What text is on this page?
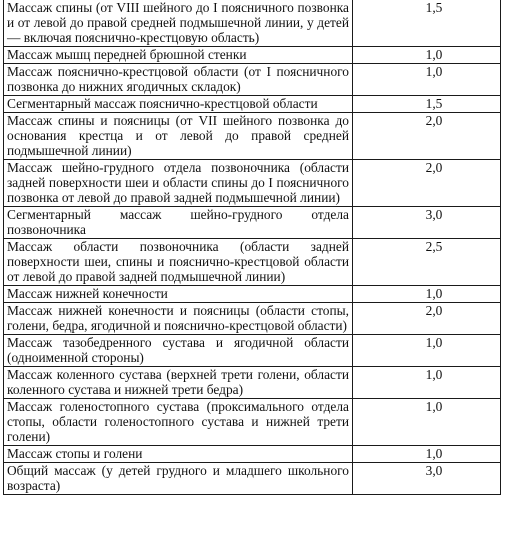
Массаж спины (от VIII шейного до I поясничного позвонка и от левой до правой средней подмышечной линии, у детей — включая пояснично-крестцовую область)	1,5
Массаж мышц передней брюшной стенки	1,0
Массаж пояснично-крестцовой области (от I поясничного позвонка до нижних ягодичных складок)	1,0
Сегментарный массаж пояснично-крестцовой области	1,5
Массаж спины и поясницы (от VII шейного позвонка до основания крестца и от левой до правой средней подмышечной линии)	2,0
Массаж шейно-грудного отдела позвоночника (области задней поверхности шеи и области спины до I поясничного позвонка от левой до правой задней подмышечной линии)	2,0
Сегментарный массаж шейно-грудного отдела позвоночника	3,0
Массаж области позвоночника (области задней поверхности шеи, спины и пояснично-крестцовой области от левой до правой задней подмышечной линии)	2,5
Массаж нижней конечности	1,0
Массаж нижней конечности и поясницы (области стопы, голени, бедра, ягодичной и пояснично-крестцовой области)	2,0
Массаж тазобедренного сустава и ягодичной области (одноименной стороны)	1,0
Массаж коленного сустава (верхней трети голени, области коленного сустава и нижней трети бедра)	1,0
Массаж голеностопного сустава (проксимального отдела стопы, области голеностопного сустава и нижней трети голени)	1,0
Массаж стопы и голени	1,0
Общий массаж (у детей грудного и младшего школьного возраста)	3,0
